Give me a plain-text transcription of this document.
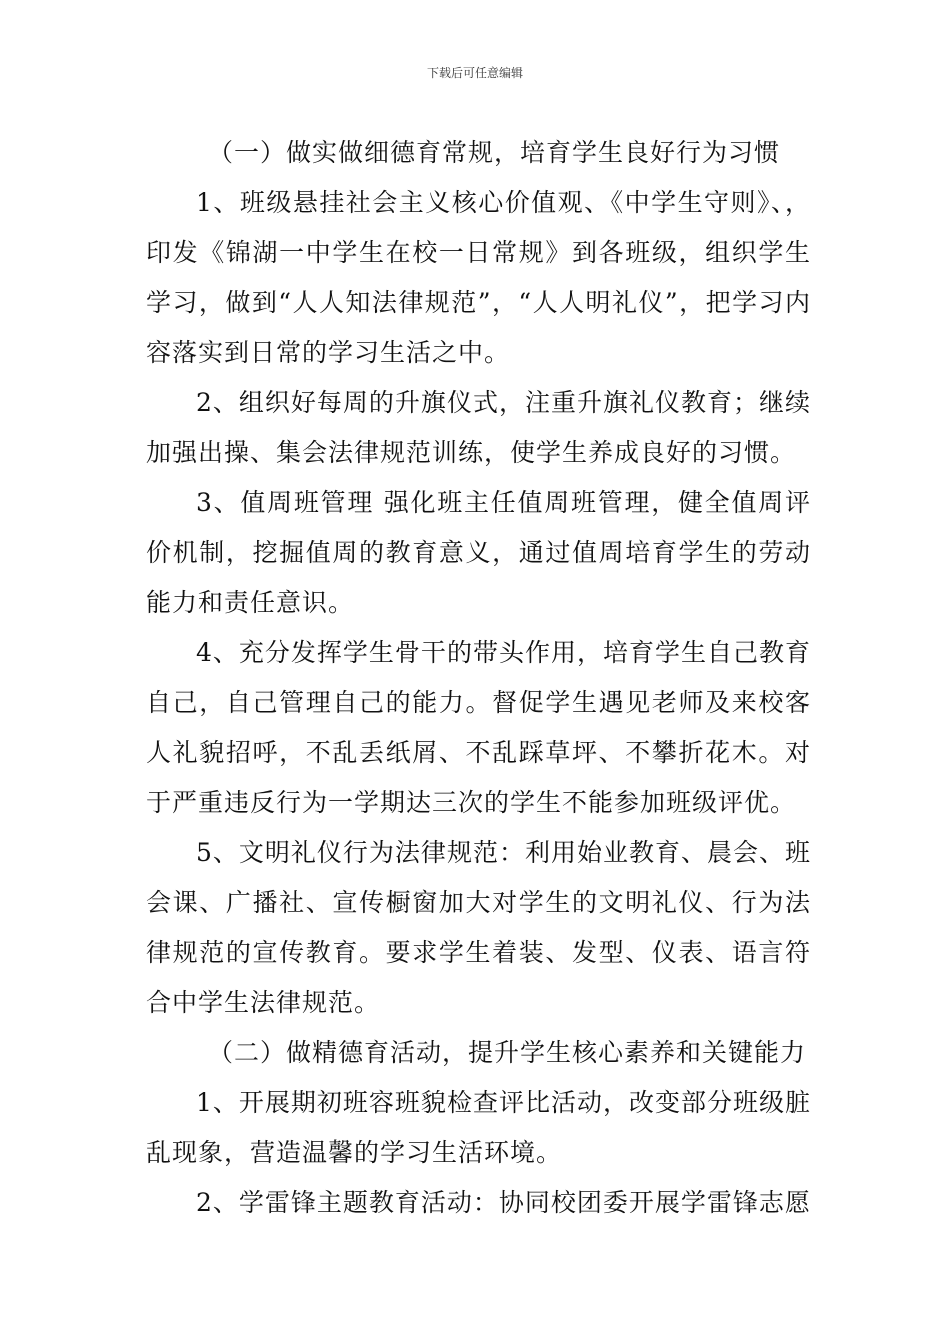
下载后可任意编辑

（一）做实做细德育常规，培育学生良好行为习惯

1、班级悬挂社会主义核心价值观、《中学生守则》、，印发《锦湖一中学生在校一日常规》到各班级，组织学生学习，做到“人人知法律规范”，“人人明礼仪”，把学习内容落实到日常的学习生活之中。

2、组织好每周的升旗仪式，注重升旗礼仪教育；继续加强出操、集会法律规范训练，使学生养成良好的习惯。

3、值周班管理 强化班主任值周班管理，健全值周评价机制，挖掘值周的教育意义，通过值周培育学生的劳动能力和责任意识。

4、充分发挥学生骨干的带头作用，培育学生自己教育自己，自己管理自己的能力。督促学生遇见老师及来校客人礼貌招呼，不乱丢纸屑、不乱踩草坪、不攀折花木。对于严重违反行为一学期达三次的学生不能参加班级评优。

5、文明礼仪行为法律规范：利用始业教育、晨会、班会课、广播社、宣传橱窗加大对学生的文明礼仪、行为法律规范的宣传教育。要求学生着装、发型、仪表、语言符合中学生法律规范。

（二）做精德育活动，提升学生核心素养和关键能力

1、开展期初班容班貌检查评比活动，改变部分班级脏乱现象，营造温馨的学习生活环境。

2、学雷锋主题教育活动：协同校团委开展学雷锋志愿
